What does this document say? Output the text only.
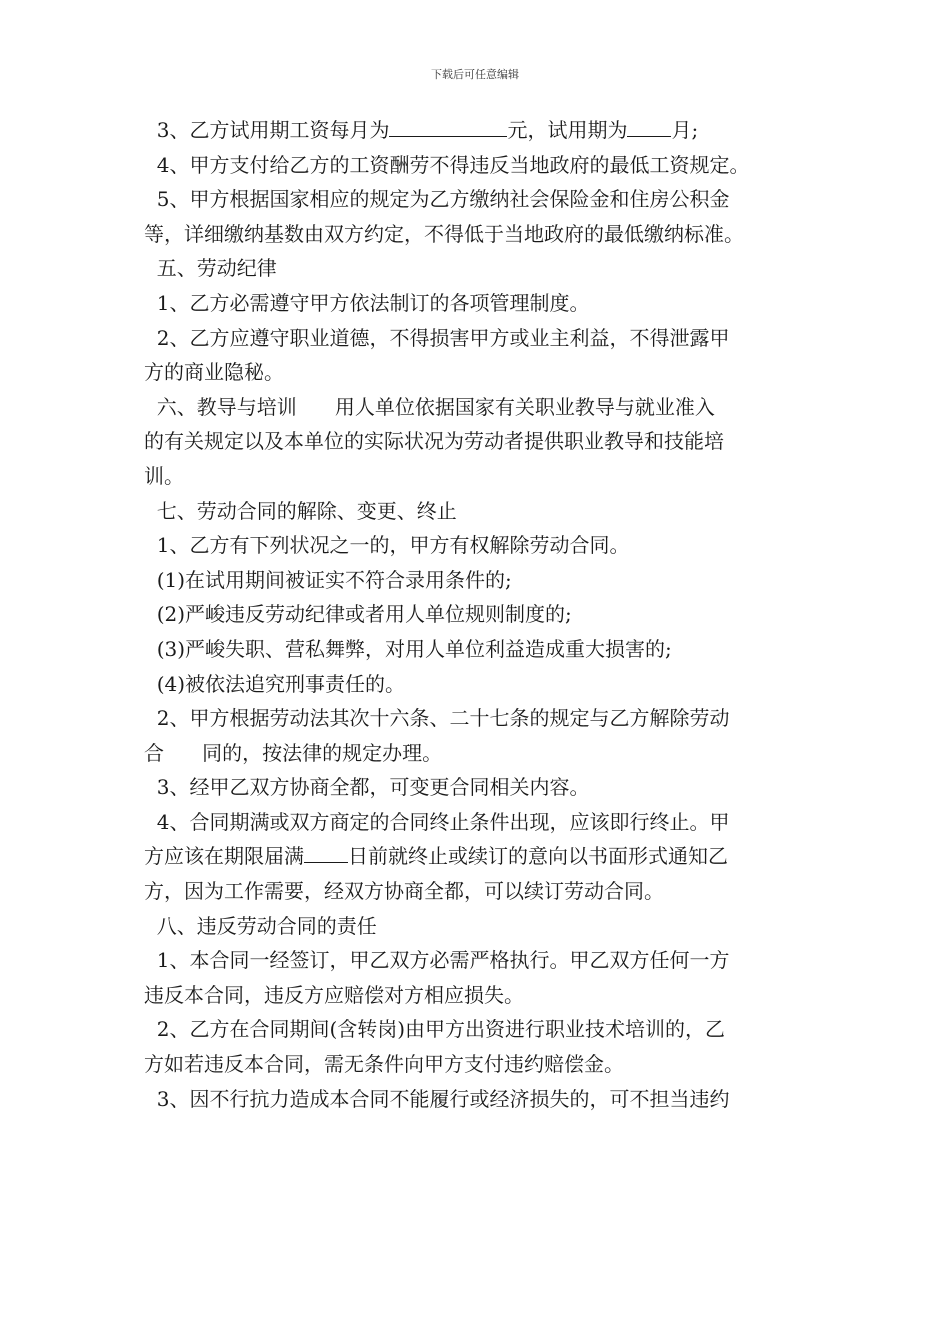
下载后可任意编辑
3、乙方试用期工资每月为	元，试用期为 月;
4、甲方支付给乙方的工资酬劳不得违反当地政府的最低工资规定。
5、甲方根据国家相应的规定为乙方缴纳社会保险金和住房公积金
等，详细缴纳基数由双方约定，不得低于当地政府的最低缴纳标准。
五、劳动纪律
1、乙方必需遵守甲方依法制订的各项管理制度。
2、乙方应遵守职业道德，不得损害甲方或业主利益，不得泄露甲
方的商业隐秘。
六、教导与培训      用人单位依据国家有关职业教导与就业准入
的有关规定以及本单位的实际状况为劳动者提供职业教导和技能培
训。
七、劳动合同的解除、变更、终止
1、乙方有下列状况之一的，甲方有权解除劳动合同。
(1)在试用期间被证实不符合录用条件的;
(2)严峻违反劳动纪律或者用人单位规则制度的;
(3)严峻失职、营私舞弊，对用人单位利益造成重大损害的;
(4)被依法追究刑事责任的。
2、甲方根据劳动法其次十六条、二十七条的规定与乙方解除劳动
合      同的，按法律的规定办理。
3、经甲乙双方协商全都，可变更合同相关内容。
4、合同期满或双方商定的合同终止条件出现，应该即行终止。甲
方应该在期限届满 日前就终止或续订的意向以书面形式通知乙
方，因为工作需要，经双方协商全都，可以续订劳动合同。
八、违反劳动合同的责任
1、本合同一经签订，甲乙双方必需严格执行。甲乙双方任何一方
违反本合同，违反方应赔偿对方相应损失。
2、乙方在合同期间(含转岗)由甲方出资进行职业技术培训的，乙
方如若违反本合同，需无条件向甲方支付违约赔偿金。
3、因不行抗力造成本合同不能履行或经济损失的，可不担当违约
